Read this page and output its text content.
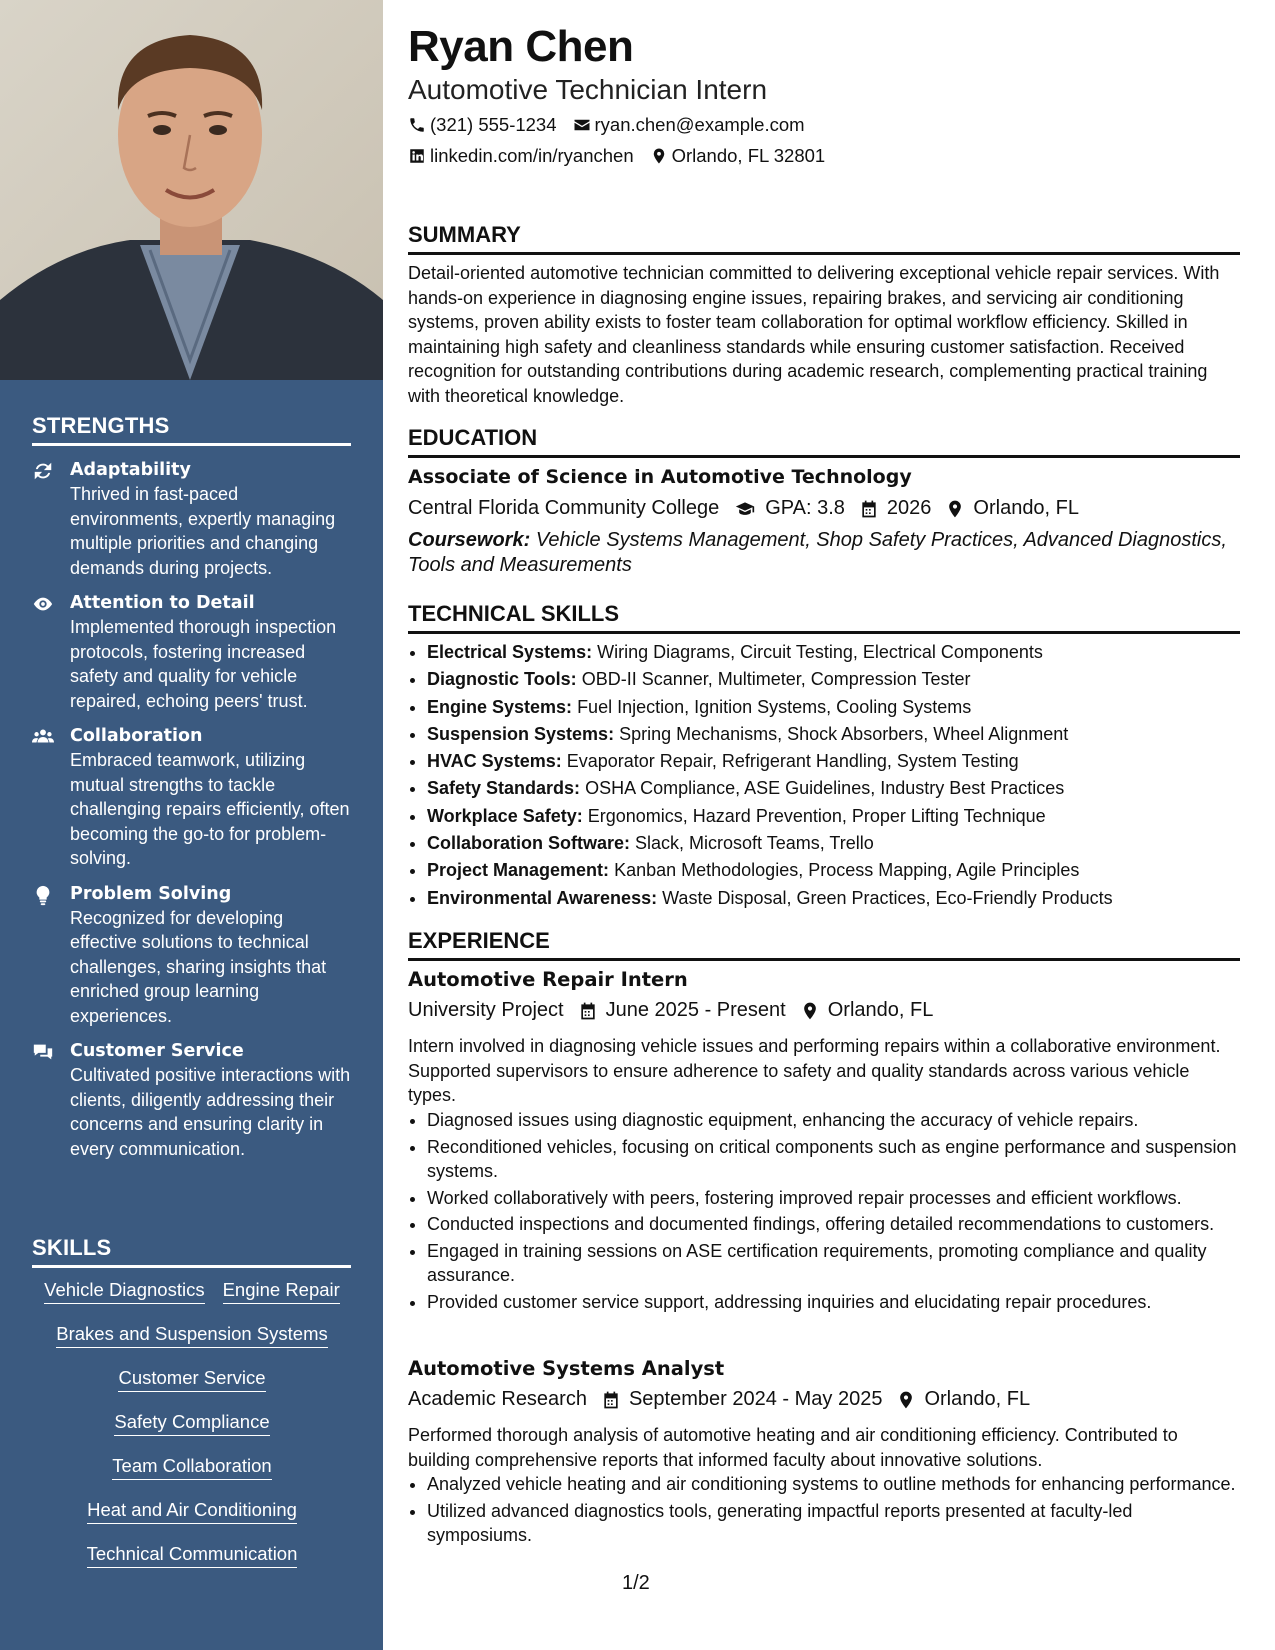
STRENGTHS
Adaptability
Thrived in fast-paced environments, expertly managing multiple priorities and changing demands during projects.
Attention to Detail
Implemented thorough inspection protocols, fostering increased safety and quality for vehicle repaired, echoing peers' trust.
Collaboration
Embraced teamwork, utilizing mutual strengths to tackle challenging repairs efficiently, often becoming the go-to for problem-solving.
Problem Solving
Recognized for developing effective solutions to technical challenges, sharing insights that enriched group learning experiences.
Customer Service
Cultivated positive interactions with clients, diligently addressing their concerns and ensuring clarity in every communication.
SKILLS
Vehicle Diagnostics Engine Repair
Brakes and Suspension Systems
Customer Service
Safety Compliance
Team Collaboration
Heat and Air Conditioning
Technical Communication
Ryan Chen
Automotive Technician Intern
(321) 555-1234 ryan.chen@example.com
linkedin.com/in/ryanchen Orlando, FL 32801
SUMMARY
Detail-oriented automotive technician committed to delivering exceptional vehicle repair services. With hands-on experience in diagnosing engine issues, repairing brakes, and servicing air conditioning systems, proven ability exists to foster team collaboration for optimal workflow efficiency. Skilled in maintaining high safety and cleanliness standards while ensuring customer satisfaction. Received recognition for outstanding contributions during academic research, complementing practical training with theoretical knowledge.
EDUCATION
Associate of Science in Automotive Technology
Central Florida Community College GPA: 3.8 2026 Orlando, FL
Coursework: Vehicle Systems Management, Shop Safety Practices, Advanced Diagnostics, Tools and Measurements
TECHNICAL SKILLS
• Electrical Systems: Wiring Diagrams, Circuit Testing, Electrical Components
• Diagnostic Tools: OBD-II Scanner, Multimeter, Compression Tester
• Engine Systems: Fuel Injection, Ignition Systems, Cooling Systems
• Suspension Systems: Spring Mechanisms, Shock Absorbers, Wheel Alignment
• HVAC Systems: Evaporator Repair, Refrigerant Handling, System Testing
• Safety Standards: OSHA Compliance, ASE Guidelines, Industry Best Practices
• Workplace Safety: Ergonomics, Hazard Prevention, Proper Lifting Technique
• Collaboration Software: Slack, Microsoft Teams, Trello
• Project Management: Kanban Methodologies, Process Mapping, Agile Principles
• Environmental Awareness: Waste Disposal, Green Practices, Eco-Friendly Products
EXPERIENCE
Automotive Repair Intern
University Project June 2025 - Present Orlando, FL
Intern involved in diagnosing vehicle issues and performing repairs within a collaborative environment. Supported supervisors to ensure adherence to safety and quality standards across various vehicle types.
• Diagnosed issues using diagnostic equipment, enhancing the accuracy of vehicle repairs.
• Reconditioned vehicles, focusing on critical components such as engine performance and suspension systems.
• Worked collaboratively with peers, fostering improved repair processes and efficient workflows.
• Conducted inspections and documented findings, offering detailed recommendations to customers.
• Engaged in training sessions on ASE certification requirements, promoting compliance and quality assurance.
• Provided customer service support, addressing inquiries and elucidating repair procedures.
Automotive Systems Analyst
Academic Research September 2024 - May 2025 Orlando, FL
Performed thorough analysis of automotive heating and air conditioning efficiency. Contributed to building comprehensive reports that informed faculty about innovative solutions.
• Analyzed vehicle heating and air conditioning systems to outline methods for enhancing performance.
• Utilized advanced diagnostics tools, generating impactful reports presented at faculty-led symposiums.
1/2
